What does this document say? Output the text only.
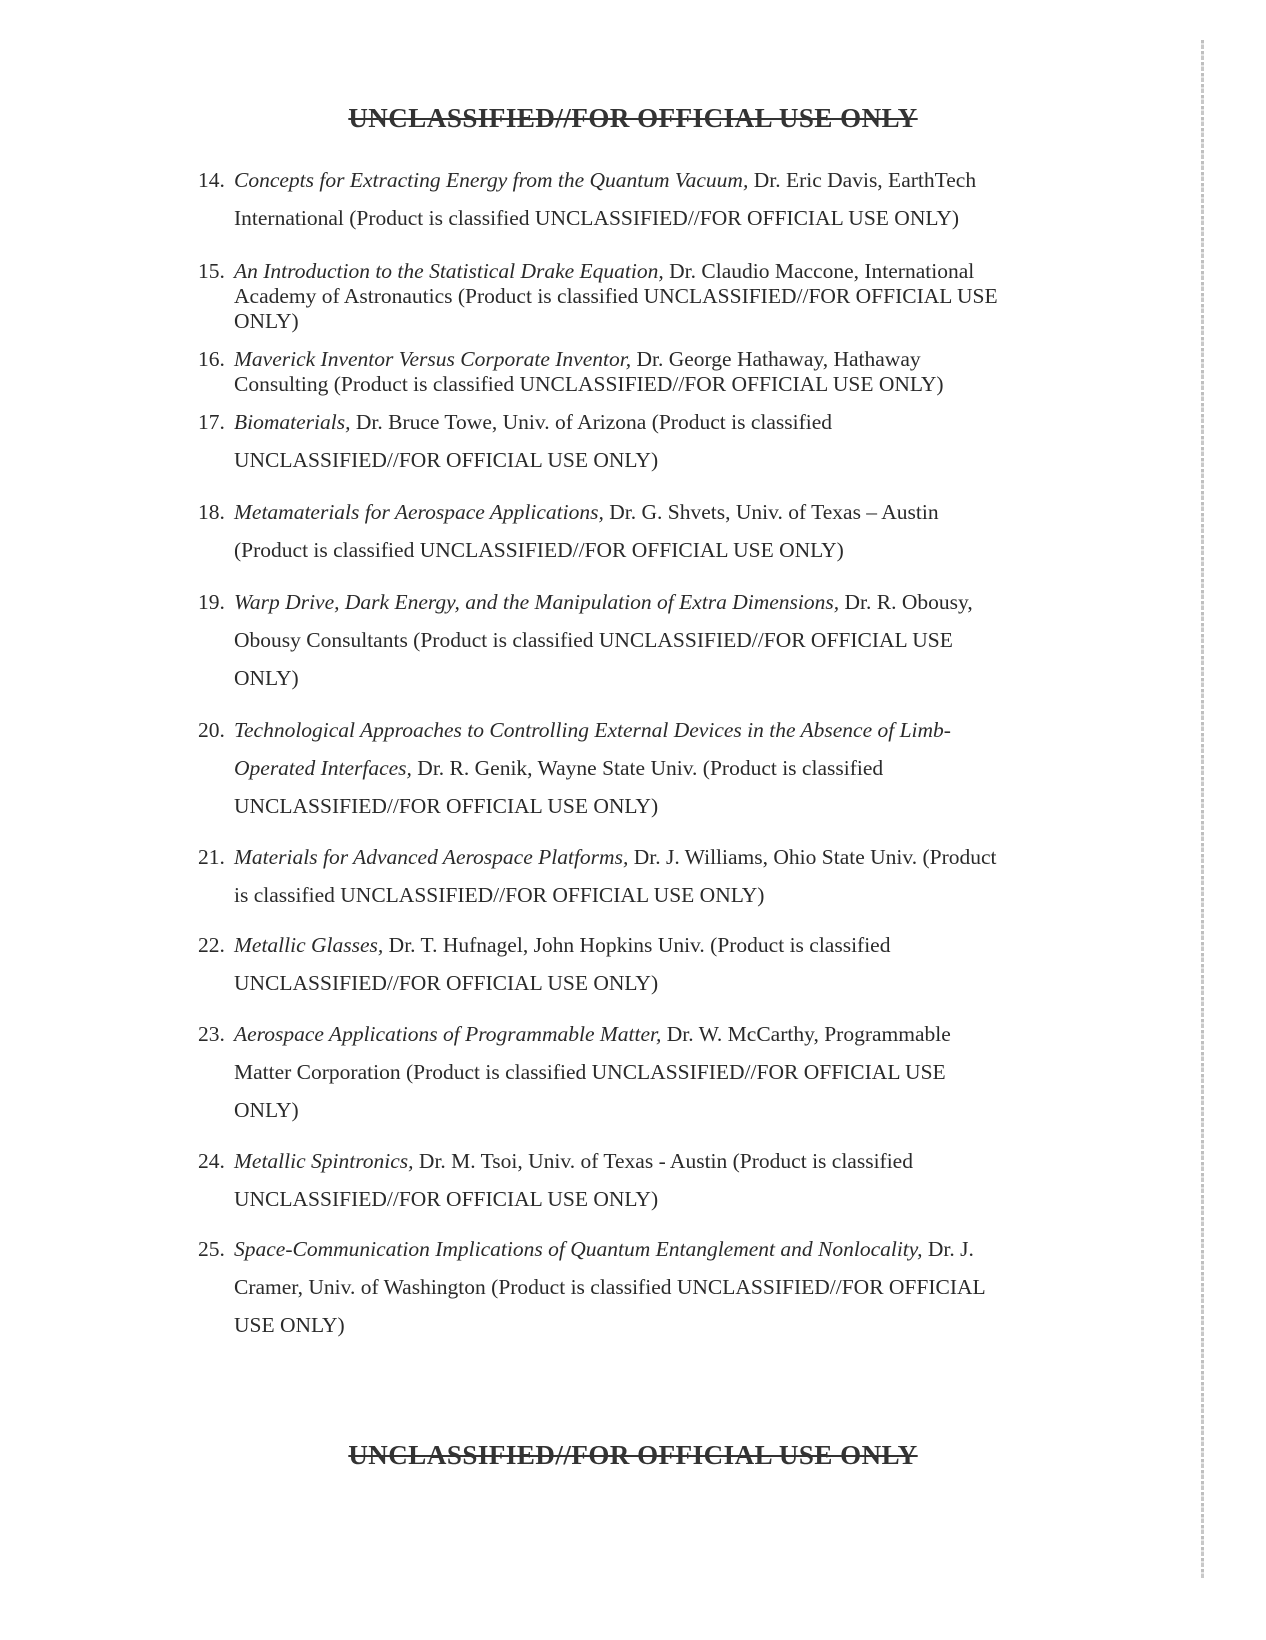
UNCLASSIFIED//FOR OFFICIAL USE ONLY
14. Concepts for Extracting Energy from the Quantum Vacuum, Dr. Eric Davis, EarthTech
International (Product is classified UNCLASSIFIED//FOR OFFICIAL USE ONLY)
15. An Introduction to the Statistical Drake Equation, Dr. Claudio Maccone, International
Academy of Astronautics (Product is classified UNCLASSIFIED//FOR OFFICIAL USE
ONLY)
16. Maverick Inventor Versus Corporate Inventor, Dr. George Hathaway, Hathaway
Consulting (Product is classified UNCLASSIFIED//FOR OFFICIAL USE ONLY)
17. Biomaterials, Dr. Bruce Towe, Univ. of Arizona (Product is classified
UNCLASSIFIED//FOR OFFICIAL USE ONLY)
18. Metamaterials for Aerospace Applications, Dr. G. Shvets, Univ. of Texas – Austin
(Product is classified UNCLASSIFIED//FOR OFFICIAL USE ONLY)
19. Warp Drive, Dark Energy, and the Manipulation of Extra Dimensions, Dr. R. Obousy,
Obousy Consultants (Product is classified UNCLASSIFIED//FOR OFFICIAL USE
ONLY)
20. Technological Approaches to Controlling External Devices in the Absence of Limb-
Operated Interfaces, Dr. R. Genik, Wayne State Univ. (Product is classified
UNCLASSIFIED//FOR OFFICIAL USE ONLY)
21. Materials for Advanced Aerospace Platforms, Dr. J. Williams, Ohio State Univ. (Product
is classified UNCLASSIFIED//FOR OFFICIAL USE ONLY)
22. Metallic Glasses, Dr. T. Hufnagel, John Hopkins Univ. (Product is classified
UNCLASSIFIED//FOR OFFICIAL USE ONLY)
23. Aerospace Applications of Programmable Matter, Dr. W. McCarthy, Programmable
Matter Corporation (Product is classified UNCLASSIFIED//FOR OFFICIAL USE
ONLY)
24. Metallic Spintronics, Dr. M. Tsoi, Univ. of Texas - Austin (Product is classified
UNCLASSIFIED//FOR OFFICIAL USE ONLY)
25. Space-Communication Implications of Quantum Entanglement and Nonlocality, Dr. J.
Cramer, Univ. of Washington (Product is classified UNCLASSIFIED//FOR OFFICIAL
USE ONLY)
UNCLASSIFIED//FOR OFFICIAL USE ONLY
